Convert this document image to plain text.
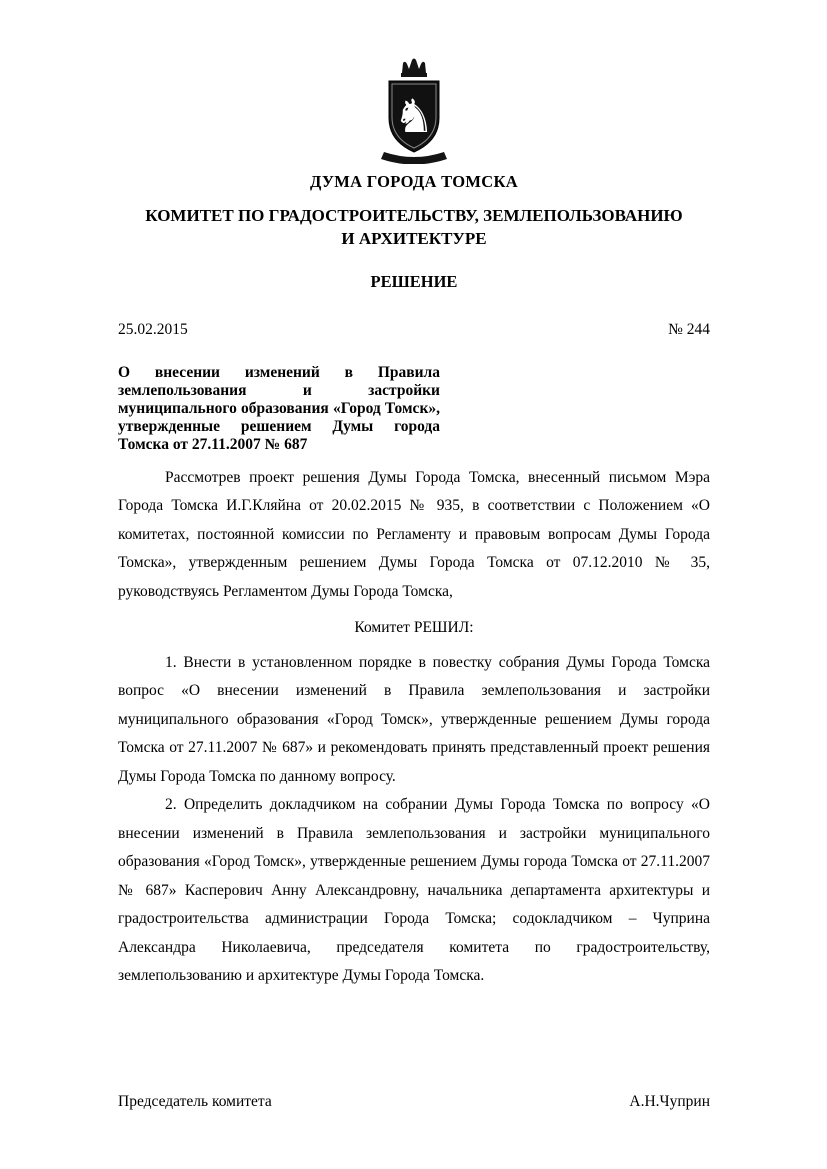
♞
ДУМА ГОРОДА ТОМСКА
КОМИТЕТ ПО ГРАДОСТРОИТЕЛЬСТВУ, ЗЕМЛЕПОЛЬЗОВАНИЮ
И АРХИТЕКТУРЕ
РЕШЕНИЕ
25.02.2015	№ 244
О внесении изменений в Правила землепользования и застройки муниципального образования «Город Томск», утвержденные решением Думы города Томска от 27.11.2007 № 687

Рассмотрев проект решения Думы Города Томска, внесенный письмом Мэра Города Томска И.Г.Кляйна от 20.02.2015 № 935, в соответствии с Положением «О комитетах, постоянной комиссии по Регламенту и правовым вопросам Думы Города Томска», утвержденным решением Думы Города Томска от 07.12.2010 № 35, руководствуясь Регламентом Думы Города Томска,

Комитет РЕШИЛ:

1. Внести в установленном порядке в повестку собрания Думы Города Томска вопрос «О внесении изменений в Правила землепользования и застройки муниципального образования «Город Томск», утвержденные решением Думы города Томска от 27.11.2007 № 687» и рекомендовать принять представленный проект решения Думы Города Томска по данному вопросу.

2. Определить докладчиком на собрании Думы Города Томска по вопросу «О внесении изменений в Правила землепользования и застройки муниципального образования «Город Томск», утвержденные решением Думы города Томска от 27.11.2007 № 687» Касперович Анну Александровну, начальника департамента архитектуры и градостроительства администрации Города Томска; содокладчиком – Чуприна Александра Николаевича, председателя комитета по градостроительству, землепользованию и архитектуре Думы Города Томска.

Председатель комитета	А.Н.Чуприн
